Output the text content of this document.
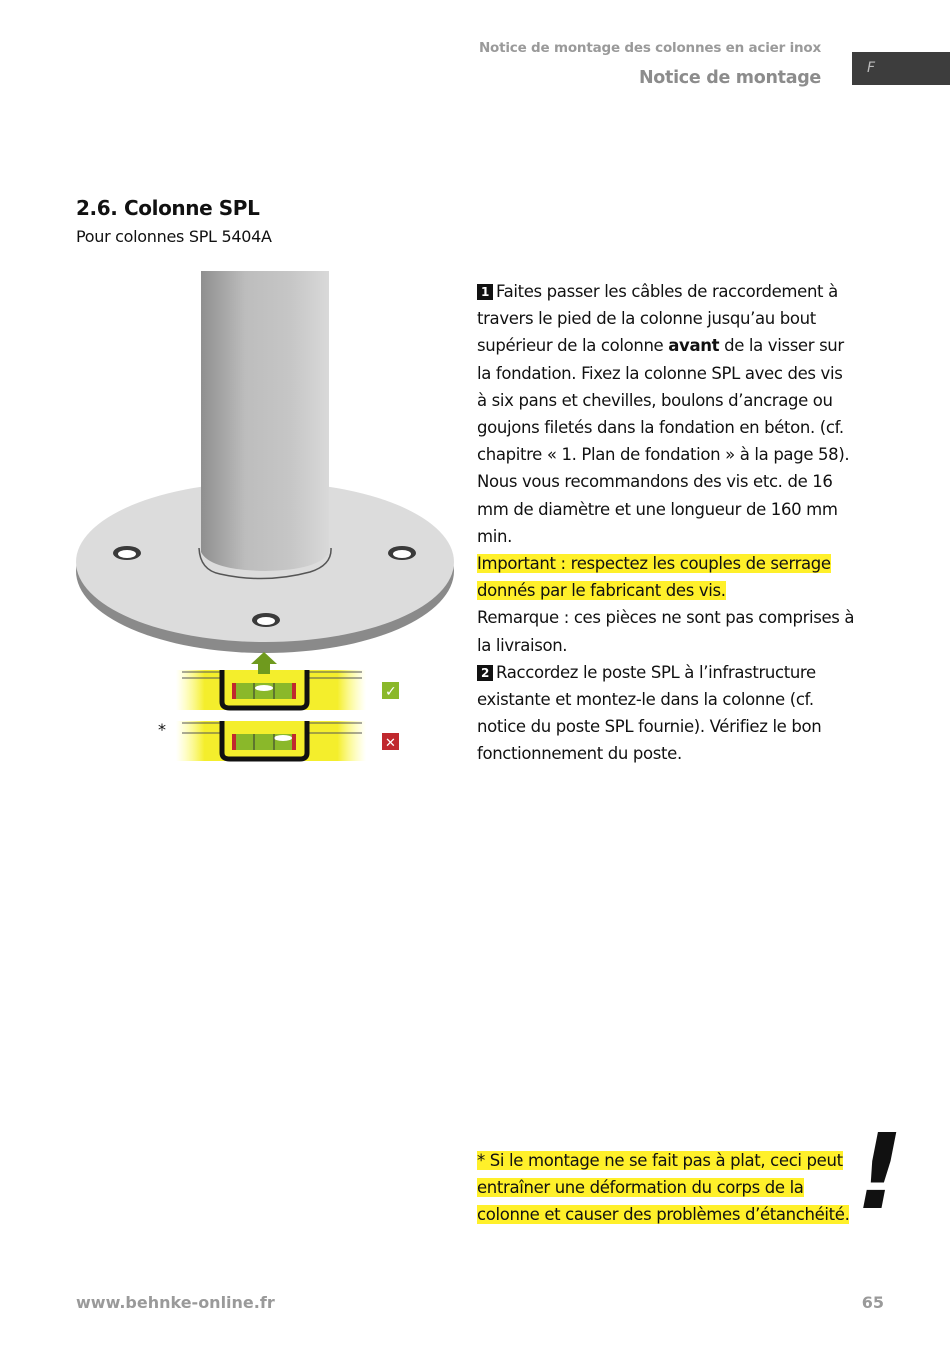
Notice de montage des colonnes en acier inox
Notice de montage	F
2.6. Colonne SPL
Pour colonnes SPL 5404A
*
✓
✕

1 Faites passer les câbles de raccordement à travers le pied de la colonne jusqu’au bout supérieur de la colonne avant de la visser sur la fondation. Fixez la colonne SPL avec des vis à six pans et chevilles, boulons d’ancrage ou goujons filetés dans la fondation en béton. (cf. chapitre « 1. Plan de fondation » à la page 58). Nous vous recommandons des vis etc. de 16 mm de diamètre et une longueur de 160 mm min.
Important : respectez les couples de serrage
donnés par le fabricant des vis.
Remarque : ces pièces ne sont pas comprises à la livraison.

2 Raccordez le poste SPL à l’infrastructure existante et montez-le dans la colonne (cf. notice du poste SPL fournie). Vérifiez le bon fonctionnement du poste.

* Si le montage ne se fait pas à plat, ceci peut
entraîner une déformation du corps de la
colonne et causer des problèmes d’étanchéité. !
www.behnke-online.fr	65
